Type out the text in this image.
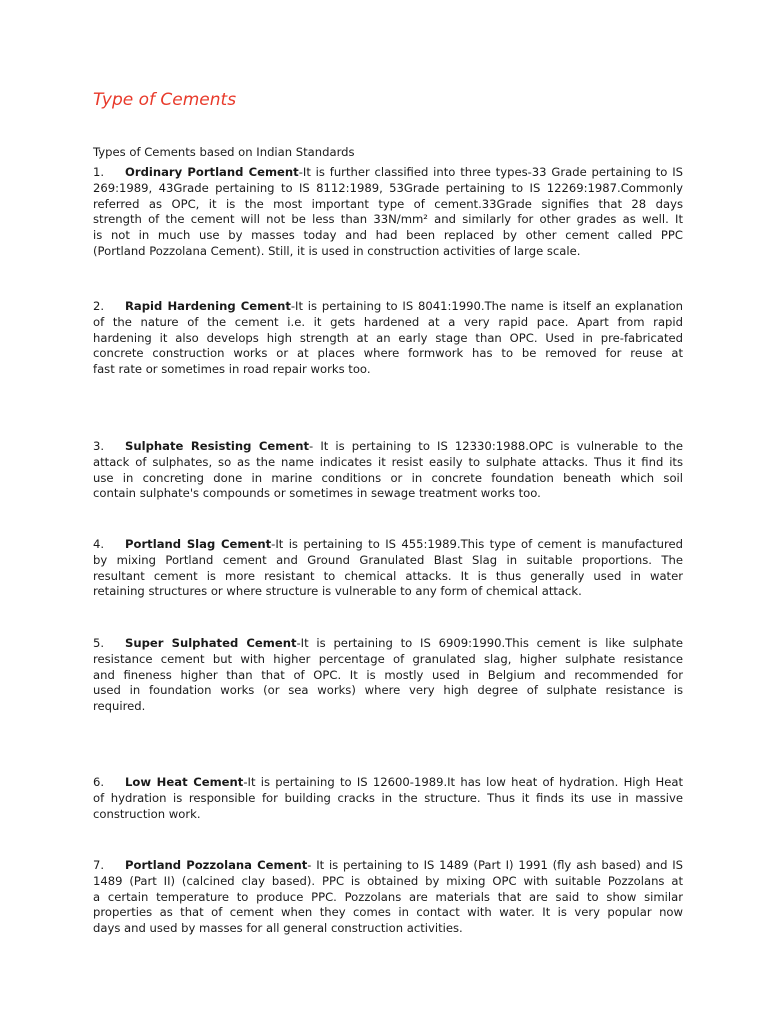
Type of Cements

Types of Cements based on Indian Standards

1. Ordinary Portland Cement-It is further classified into three types-33 Grade pertaining to IS
269:1989, 43Grade pertaining to IS 8112:1989, 53Grade pertaining to IS 12269:1987.Commonly
referred as OPC, it is the most important type of cement.33Grade signifies that 28 days
strength of the cement will not be less than 33N/mm² and similarly for other grades as well. It
is not in much use by masses today and had been replaced by other cement called PPC
(Portland Pozzolana Cement). Still, it is used in construction activities of large scale.
2. Rapid Hardening Cement-It is pertaining to IS 8041:1990.The name is itself an explanation
of the nature of the cement i.e. it gets hardened at a very rapid pace. Apart from rapid
hardening it also develops high strength at an early stage than OPC. Used in pre-fabricated
concrete construction works or at places where formwork has to be removed for reuse at
fast rate or sometimes in road repair works too.
3. Sulphate Resisting Cement- It is pertaining to IS 12330:1988.OPC is vulnerable to the
attack of sulphates, so as the name indicates it resist easily to sulphate attacks. Thus it find its
use in concreting done in marine conditions or in concrete foundation beneath which soil
contain sulphate's compounds or sometimes in sewage treatment works too.
4. Portland Slag Cement-It is pertaining to IS 455:1989.This type of cement is manufactured
by mixing Portland cement and Ground Granulated Blast Slag in suitable proportions. The
resultant cement is more resistant to chemical attacks. It is thus generally used in water
retaining structures or where structure is vulnerable to any form of chemical attack.
5. Super Sulphated Cement-It is pertaining to IS 6909:1990.This cement is like sulphate
resistance cement but with higher percentage of granulated slag, higher sulphate resistance
and fineness higher than that of OPC. It is mostly used in Belgium and recommended for
used in foundation works (or sea works) where very high degree of sulphate resistance is
required.
6. Low Heat Cement-It is pertaining to IS 12600-1989.It has low heat of hydration. High Heat
of hydration is responsible for building cracks in the structure. Thus it finds its use in massive
construction work.
7. Portland Pozzolana Cement- It is pertaining to IS 1489 (Part I) 1991 (fly ash based) and IS
1489 (Part II) (calcined clay based). PPC is obtained by mixing OPC with suitable Pozzolans at
a certain temperature to produce PPC. Pozzolans are materials that are said to show similar
properties as that of cement when they comes in contact with water. It is very popular now
days and used by masses for all general construction activities.
